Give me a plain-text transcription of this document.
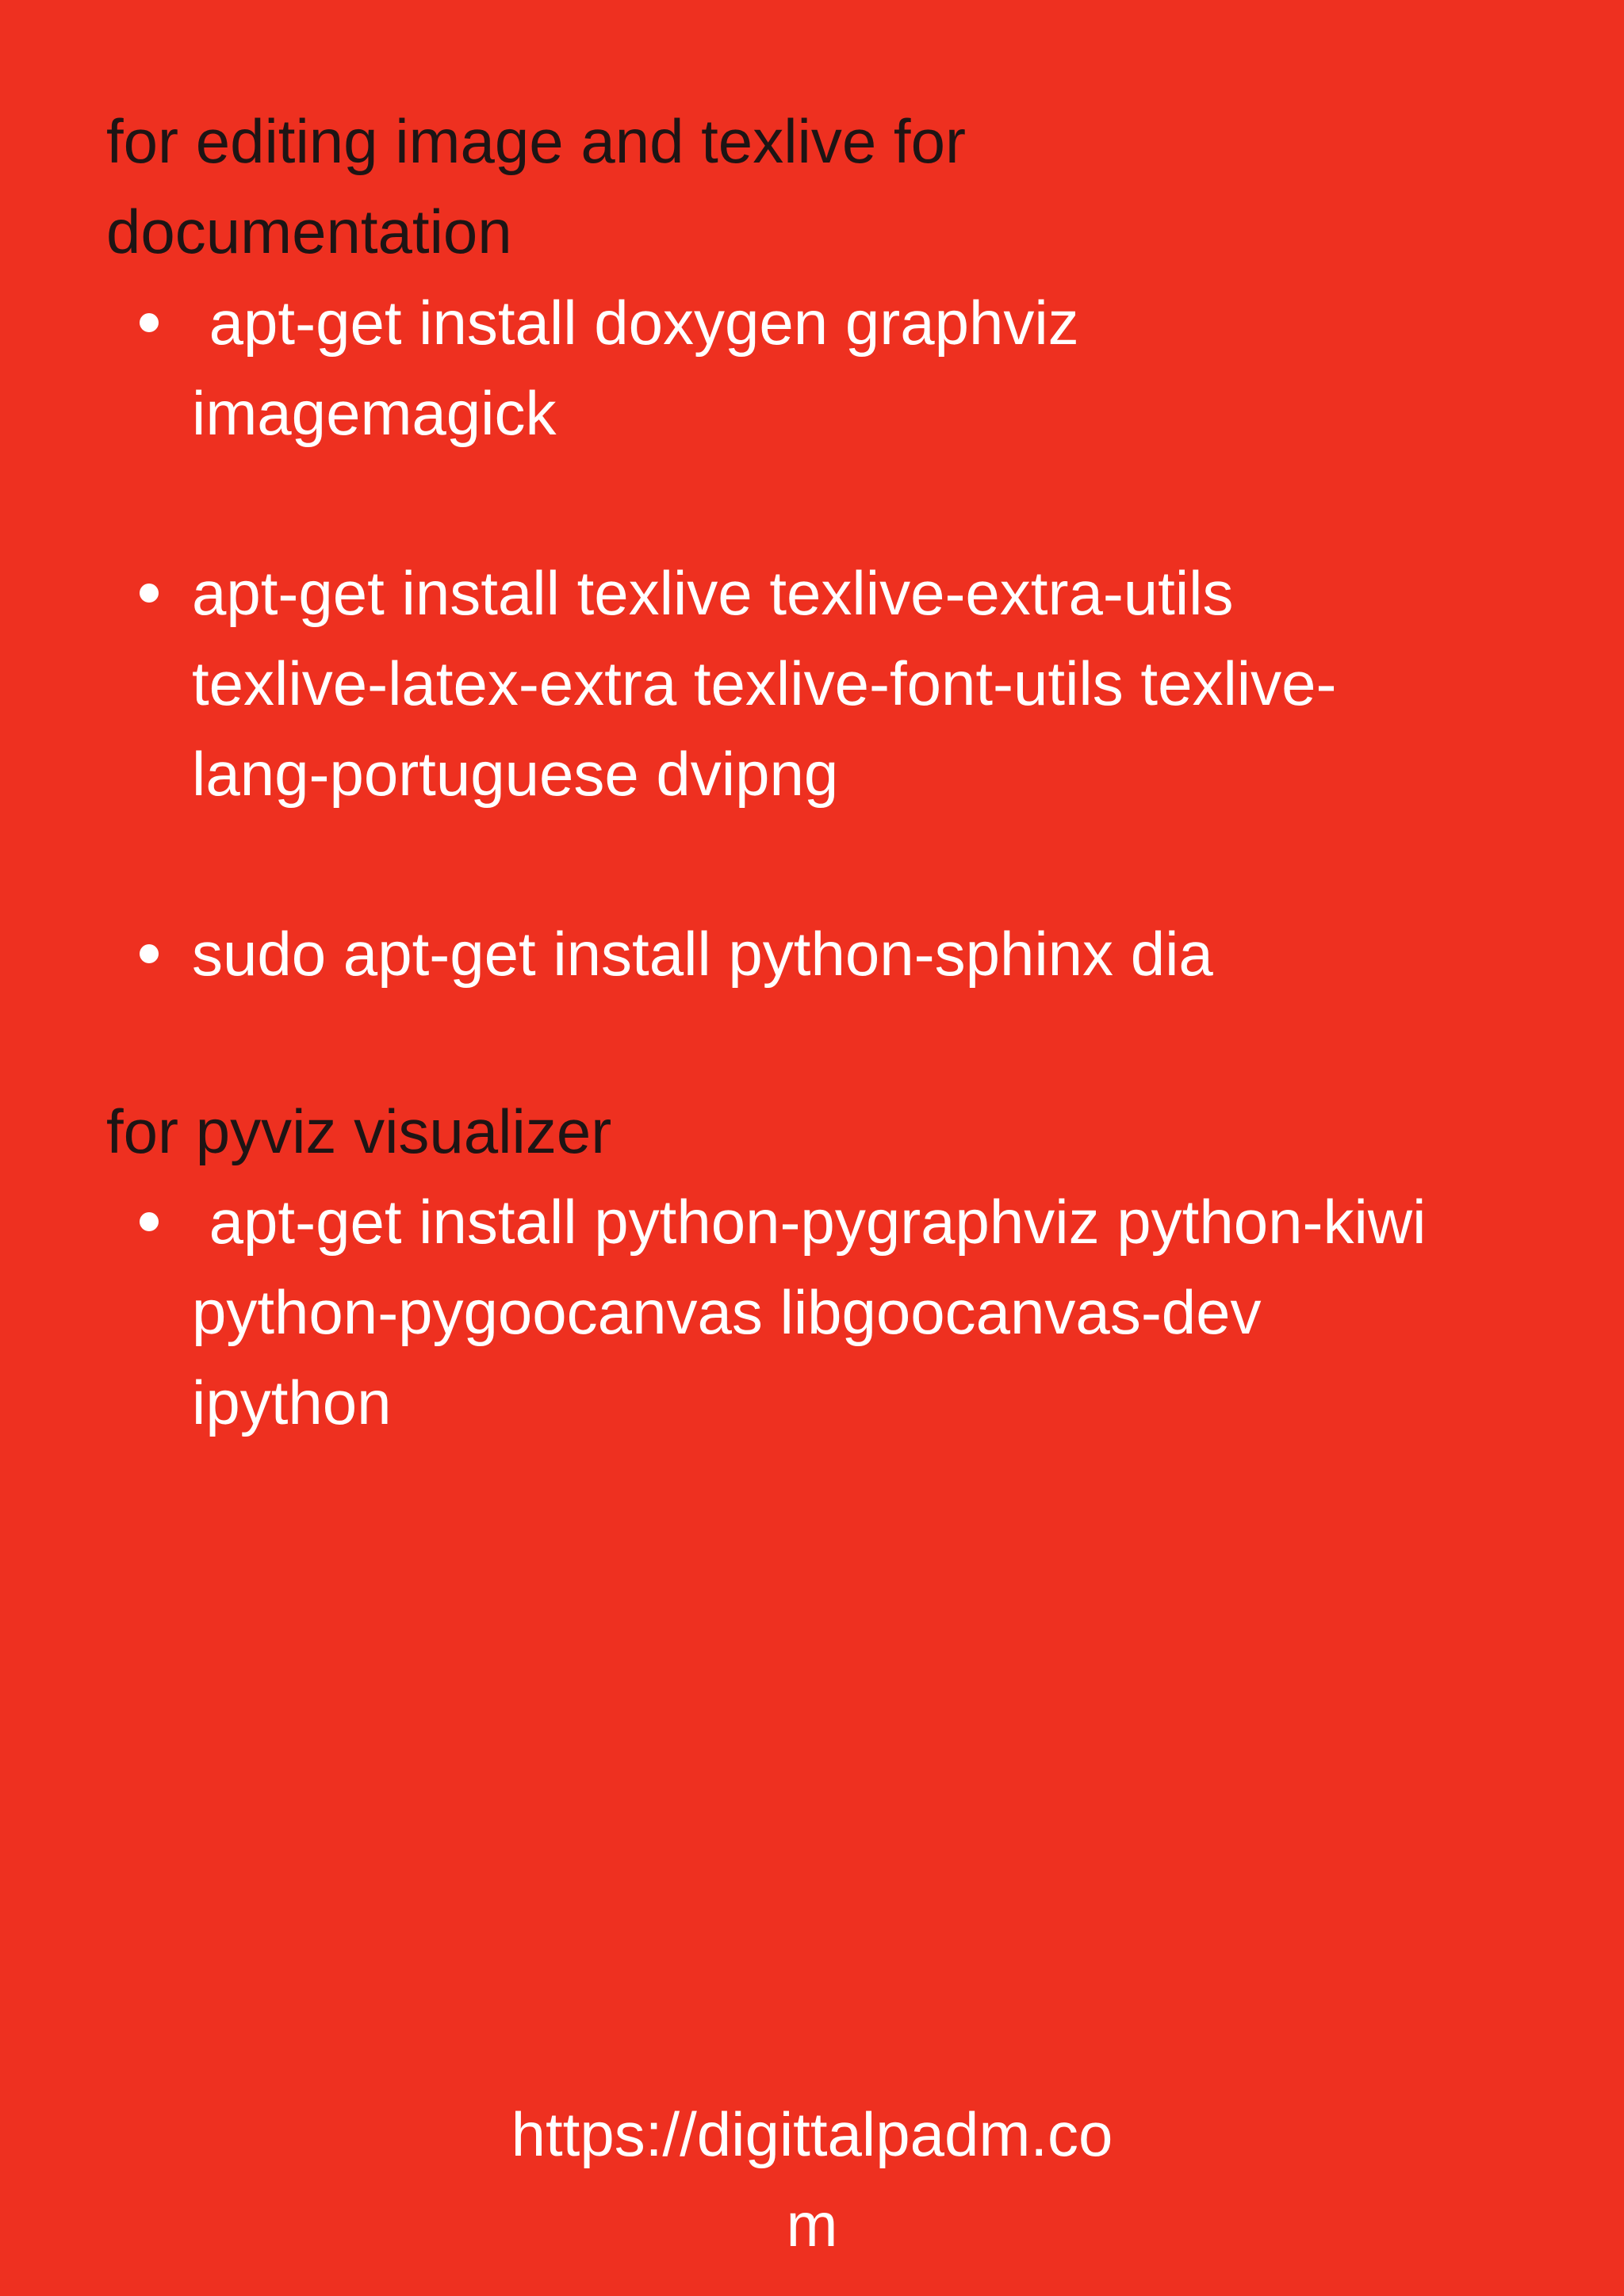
for editing image and texlive for documentation
apt-get install doxygen graphviz imagemagick
apt-get install texlive texlive-extra-utils texlive-latex-extra texlive-font-utils texlive-lang-portuguese dvipng
sudo apt-get install python-sphinx dia
for pyviz visualizer
apt-get install python-pygraphviz python-kiwi python-pygoocanvas libgoocanvas-dev ipython
https://digittalpadm.co
m
